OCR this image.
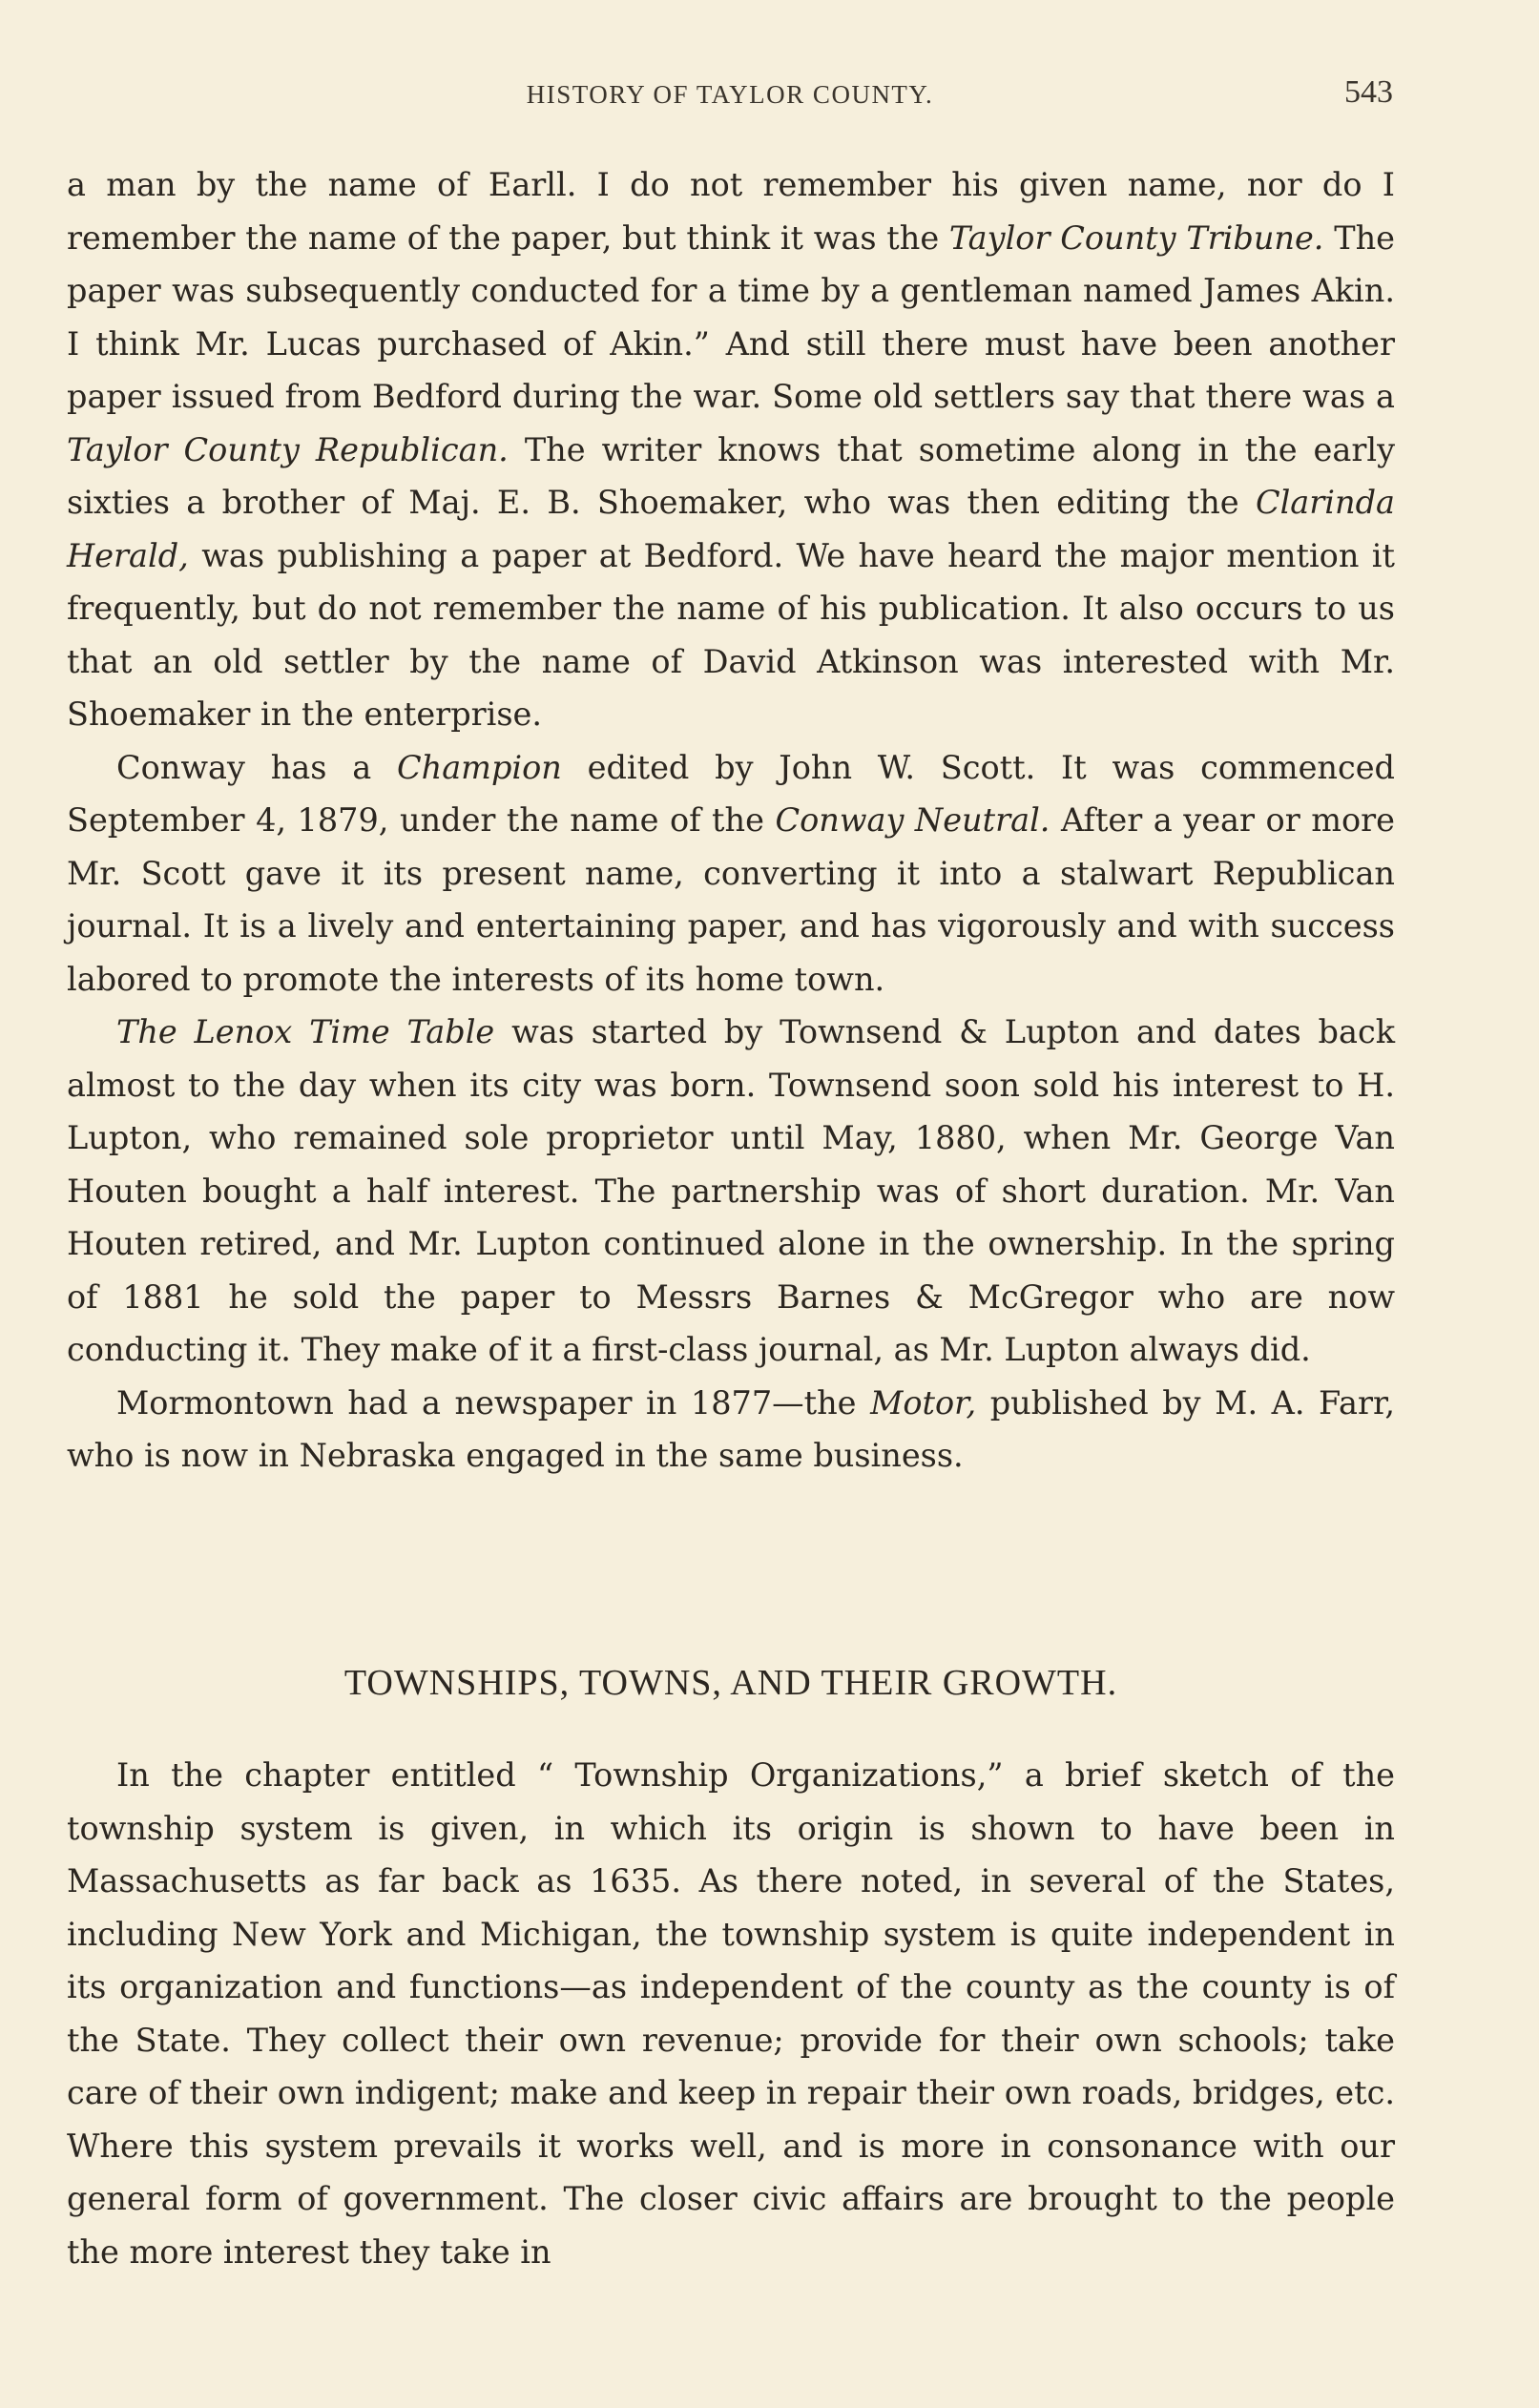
HISTORY OF TAYLOR COUNTY.	543

a man by the name of Earll. I do not remember his given name, nor do I remember the name of the paper, but think it was the Taylor County Tribune. The paper was subsequently conducted for a time by a gentleman named James Akin. I think Mr. Lucas purchased of Akin.” And still there must have been another paper issued from Bedford during the war. Some old settlers say that there was a Taylor County Republican. The writer knows that sometime along in the early sixties a brother of Maj. E. B. Shoemaker, who was then editing the Clarinda Herald, was publishing a paper at Bedford. We have heard the major mention it frequently, but do not remember the name of his publication. It also occurs to us that an old settler by the name of David Atkinson was interested with Mr. Shoemaker in the enterprise.

Conway has a Champion edited by John W. Scott. It was commenced September 4, 1879, under the name of the Conway Neutral. After a year or more Mr. Scott gave it its present name, converting it into a stalwart Republican journal. It is a lively and entertaining paper, and has vigorously and with success labored to promote the interests of its home town.

The Lenox Time Table was started by Townsend & Lupton and dates back almost to the day when its city was born. Townsend soon sold his interest to H. Lupton, who remained sole proprietor until May, 1880, when Mr. George Van Houten bought a half interest. The partnership was of short duration. Mr. Van Houten retired, and Mr. Lupton continued alone in the ownership. In the spring of 1881 he sold the paper to Messrs Barnes & McGregor who are now conducting it. They make of it a first-class journal, as Mr. Lupton always did.

Mormontown had a newspaper in 1877—the Motor, published by M. A. Farr, who is now in Nebraska engaged in the same business.

TOWNSHIPS, TOWNS, AND THEIR GROWTH.

In the chapter entitled “ Township Organizations,” a brief sketch of the township system is given, in which its origin is shown to have been in Massachusetts as far back as 1635. As there noted, in several of the States, including New York and Michigan, the township system is quite independent in its organization and functions—as independent of the county as the county is of the State. They collect their own revenue; provide for their own schools; take care of their own indigent; make and keep in repair their own roads, bridges, etc. Where this system prevails it works well, and is more in consonance with our general form of government. The closer civic affairs are brought to the people the more interest they take in
